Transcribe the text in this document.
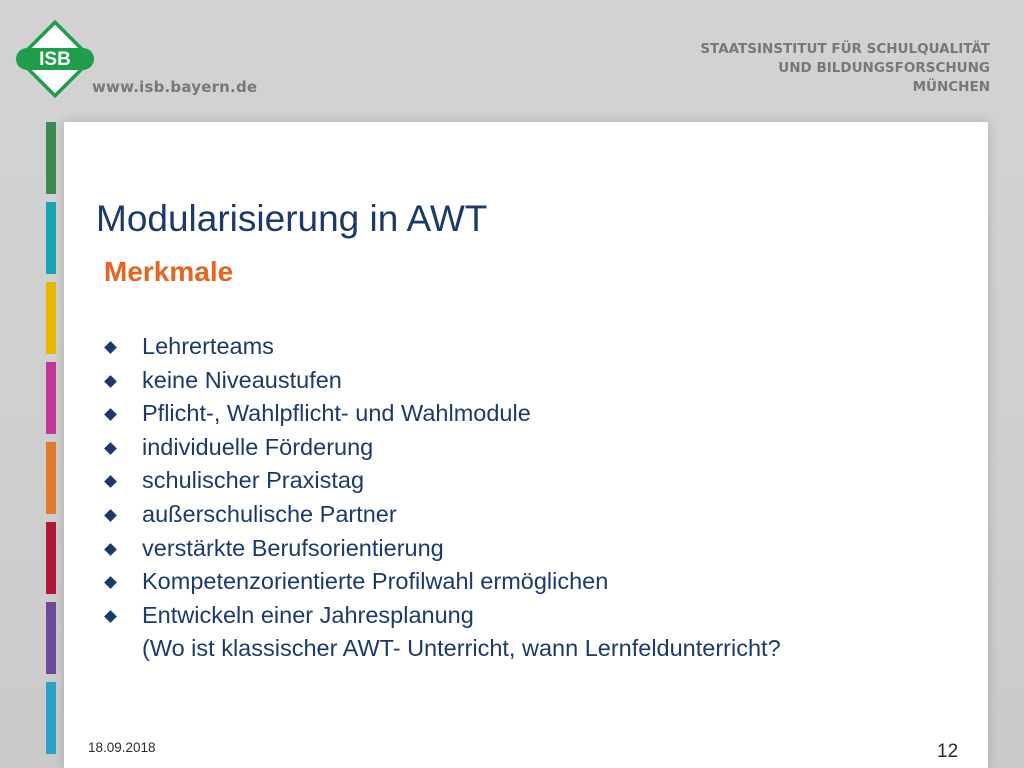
ISB
www.isb.bayern.de
STAATSINSTITUT FÜR SCHULQUALITÄT
UND BILDUNGSFORSCHUNG
MÜNCHEN
Modularisierung in AWT
Merkmale
Lehrerteams
keine Niveaustufen
Pflicht-, Wahlpflicht- und Wahlmodule
individuelle Förderung
schulischer Praxistag
außerschulische Partner
verstärkte Berufsorientierung
Kompetenzorientierte Profilwahl ermöglichen
Entwickeln einer Jahresplanung
(Wo ist klassischer AWT- Unterricht, wann Lernfeldunterricht?
18.09.2018	12
